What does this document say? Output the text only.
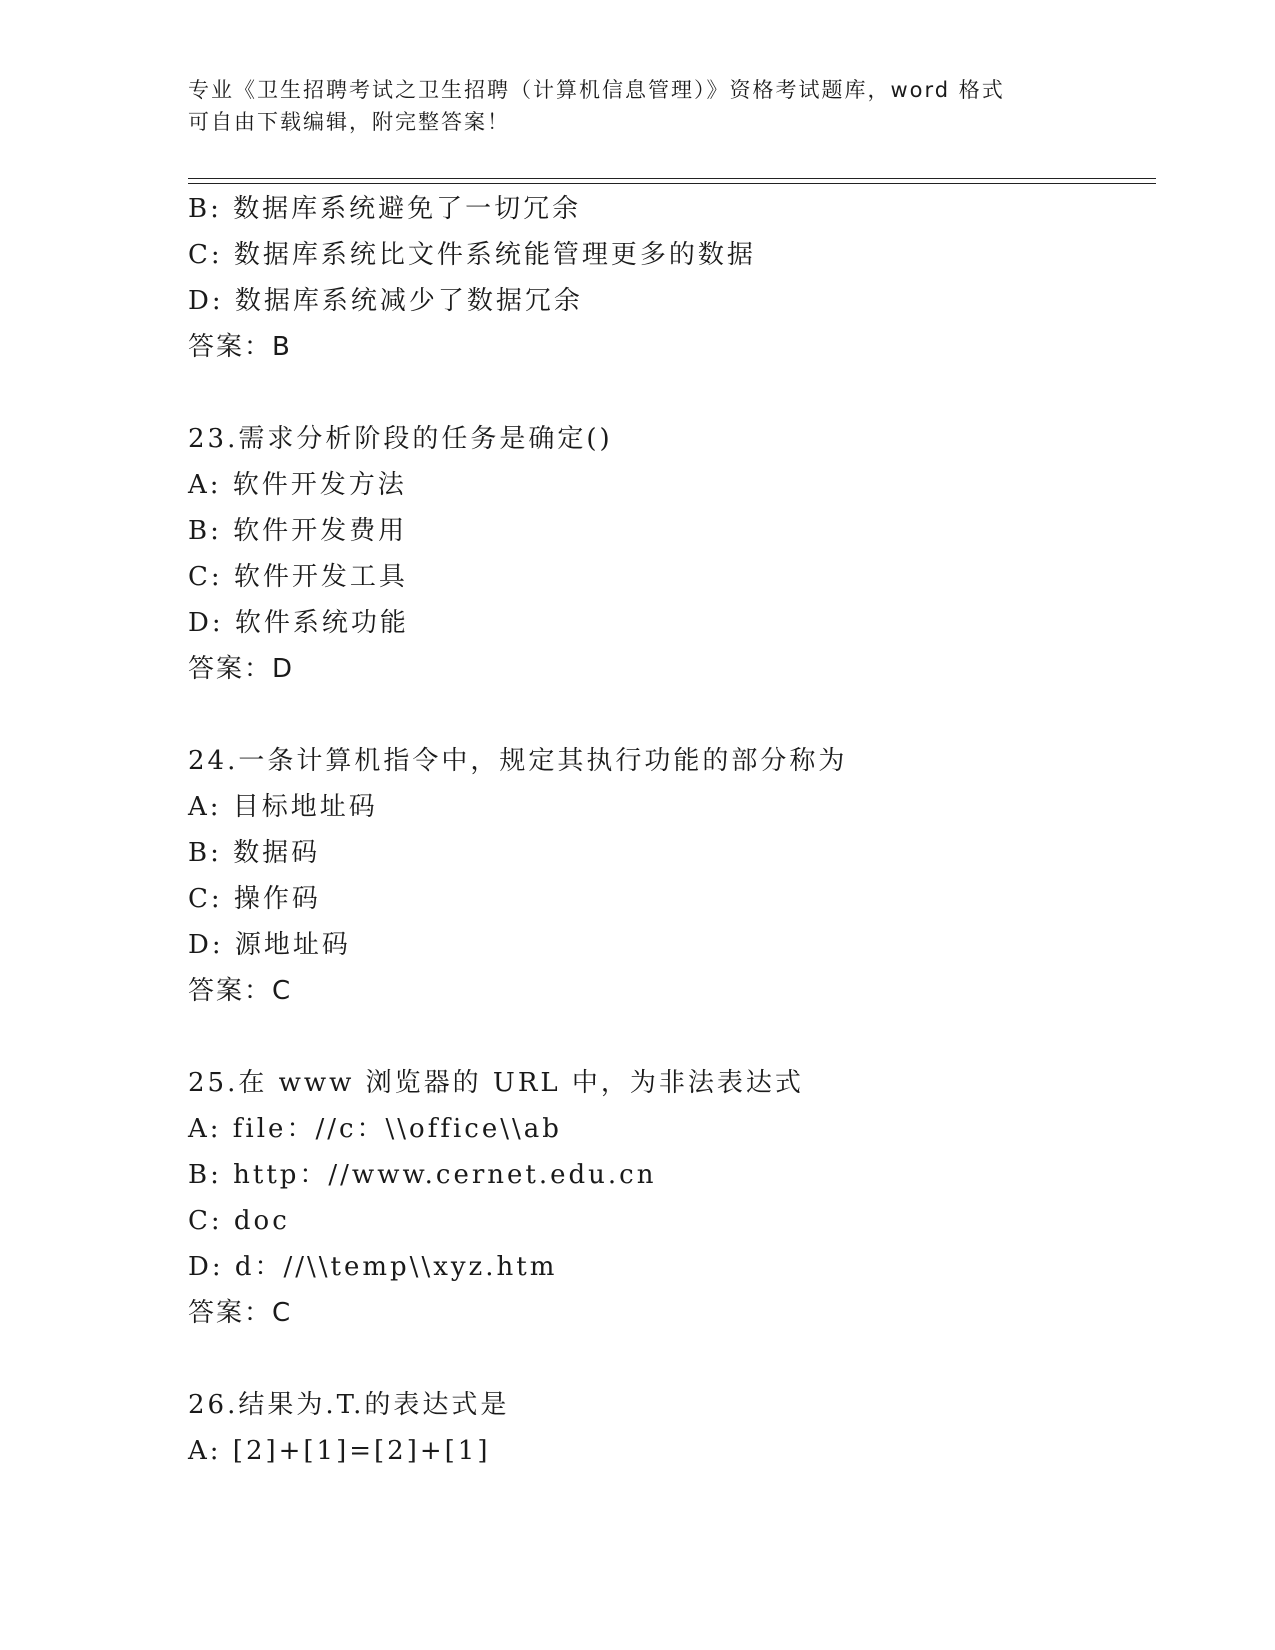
专业《卫生招聘考试之卫生招聘（计算机信息管理）》资格考试题库，word 格式
可自由下载编辑，附完整答案！
B: 数据库系统避免了一切冗余
C: 数据库系统比文件系统能管理更多的数据
D: 数据库系统减少了数据冗余
答案：B
23.需求分析阶段的任务是确定()
A: 软件开发方法
B: 软件开发费用
C: 软件开发工具
D: 软件系统功能
答案：D
24.一条计算机指令中，规定其执行功能的部分称为
A: 目标地址码
B: 数据码
C: 操作码
D: 源地址码
答案：C
25.在 www 浏览器的 URL 中，为非法表达式
A: file：//c：\\office\\ab
B: http：//www.cernet.edu.cn
C: doc
D: d：//\\temp\\xyz.htm
答案：C
26.结果为.T.的表达式是
A: [2]+[1]=[2]+[1]
